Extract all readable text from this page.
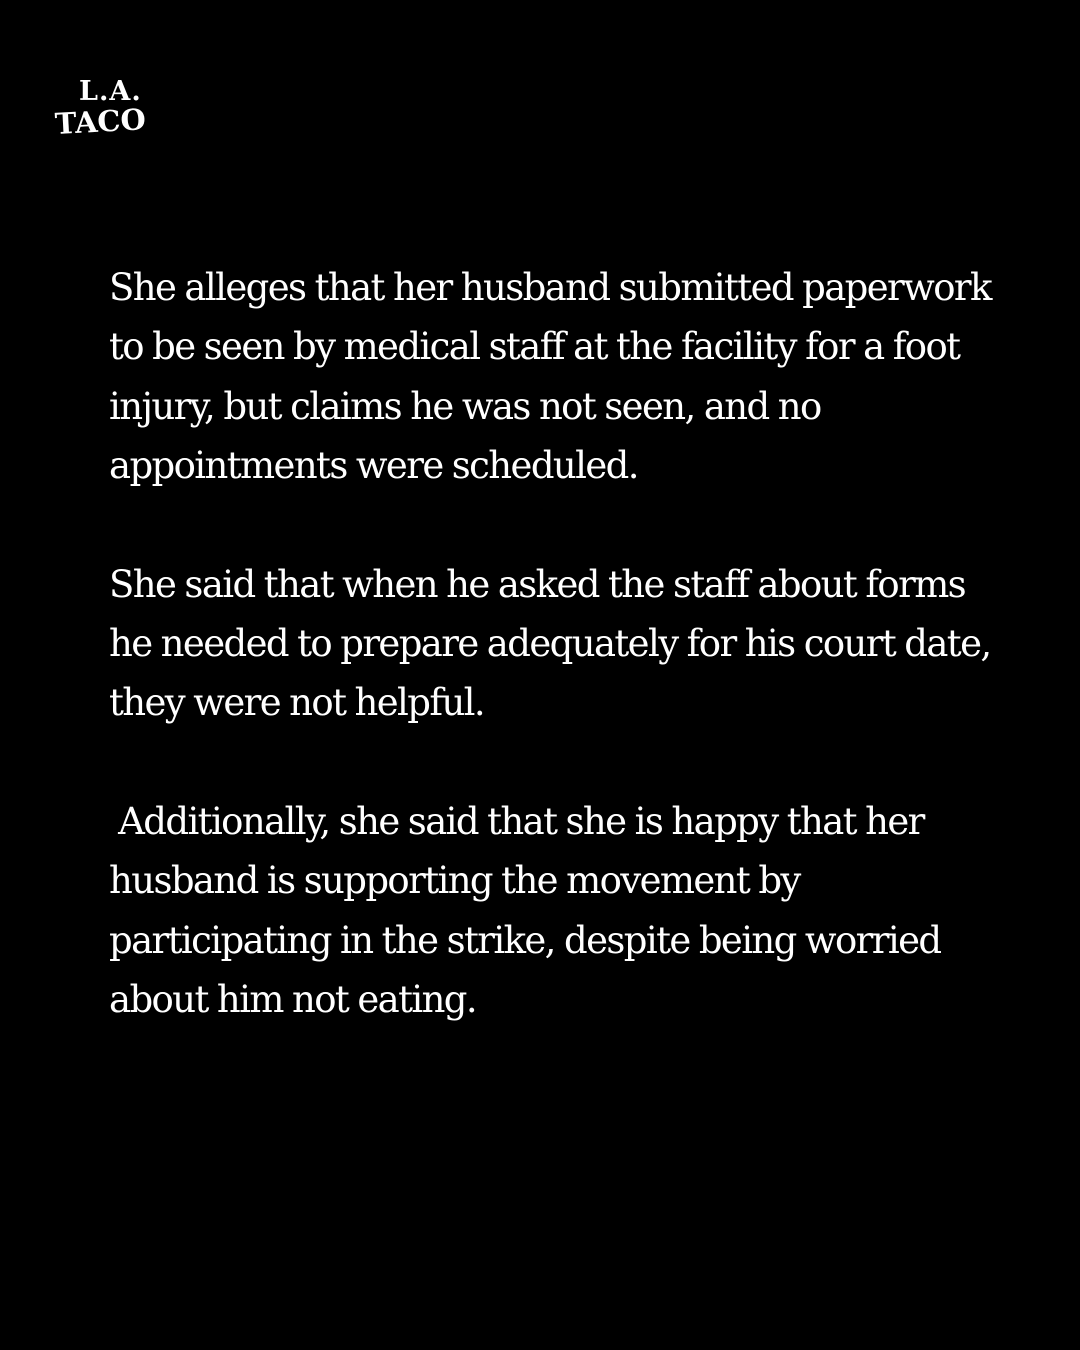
L.A.
TACO

She alleges that her husband submitted paperwork to be seen by medical staff at the facility for a foot injury, but claims he was not seen, and no appointments were scheduled.

She said that when he asked the staff about forms he needed to prepare adequately for his court date, they were not helpful.

Additionally, she said that she is happy that her husband is supporting the movement by participating in the strike, despite being worried about him not eating.
